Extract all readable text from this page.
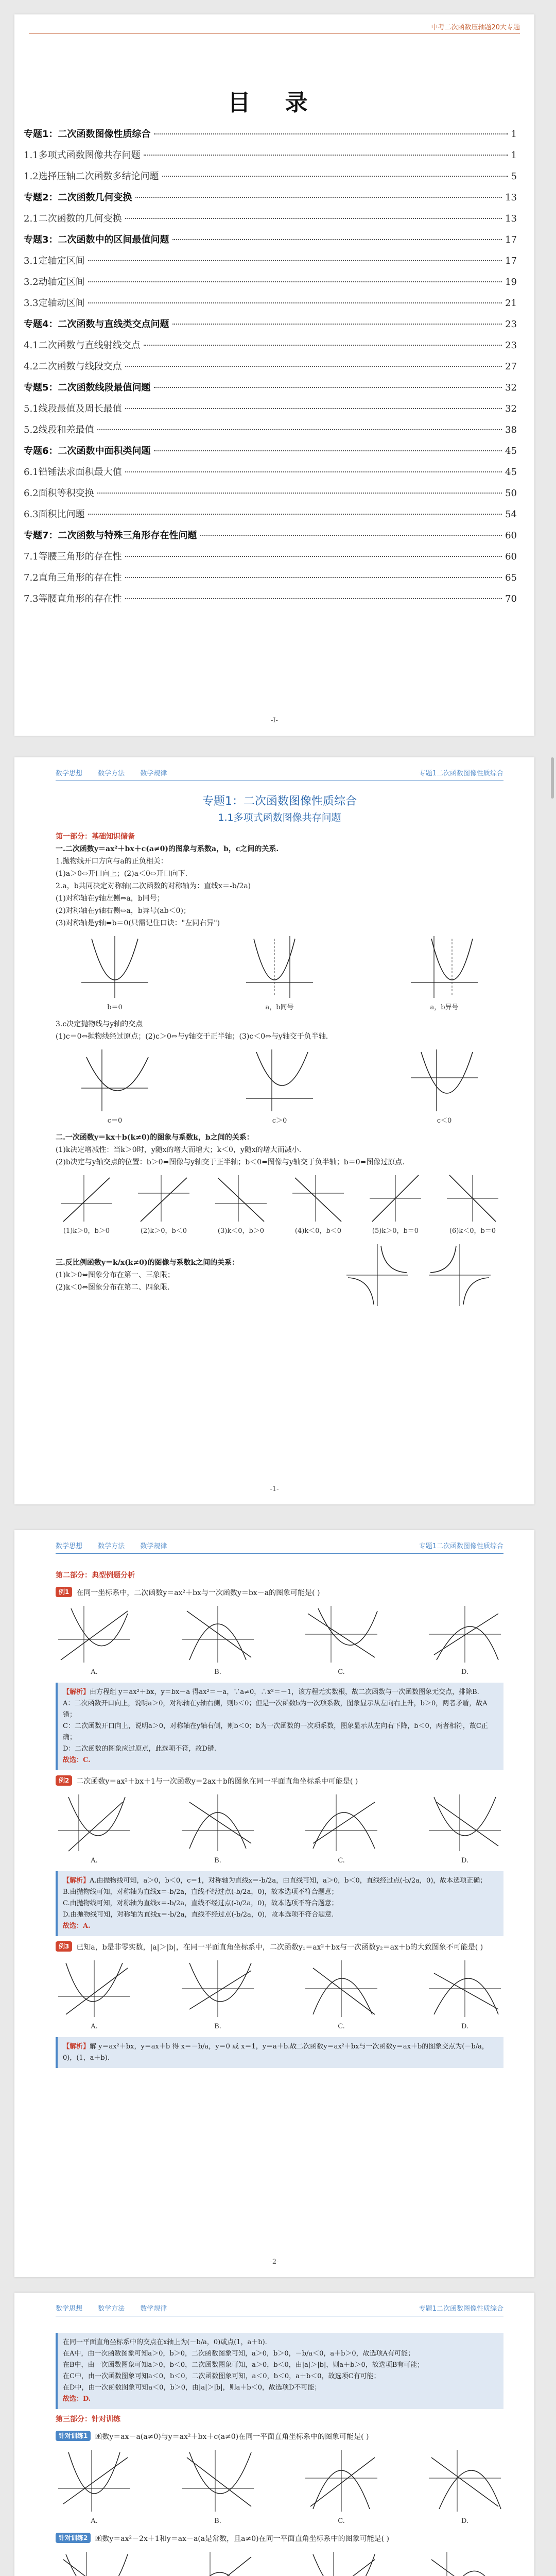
中考二次函数压轴题20大专题
目 录
专题1：二次函数图像性质综合	1
1.1多项式函数图像共存问题	1
1.2选择压轴二次函数多结论问题	5
专题2：二次函数几何变换	13
2.1二次函数的几何变换	13
专题3：二次函数中的区间最值问题	17
3.1定轴定区间	17
3.2动轴定区间	19
3.3定轴动区间	21
专题4：二次函数与直线类交点问题	23
4.1二次函数与直线射线交点	23
4.2二次函数与线段交点	27
专题5：二次函数线段最值问题	32
5.1线段最值及周长最值	32
5.2线段和差最值	38
专题6：二次函数中面积类问题	45
6.1铅锤法求面积最大值	45
6.2面积等积变换	50
6.3面积比问题	54
专题7：二次函数与特殊三角形存在性问题	60
7.1等腰三角形的存在性	60
7.2直角三角形的存在性	65
7.3等腰直角形的存在性	70
-I-
数学思想 数学方法 数学规律	专题1二次函数图像性质综合
专题1：二次函数图像性质综合
1.1多项式函数图像共存问题
第一部分：基础知识储备

一.二次函数y＝ax²＋bx＋c(a≠0)的图象与系数a，b，c之间的关系.

1.抛物线开口方向与a的正负相关：

(1)a＞0⇔开口向上；(2)a＜0⇔开口向下.

2.a，b共同决定对称轴(二次函数的对称轴为：直线x＝-b/2a)

(1)对称轴在y轴左侧⇔a，b同号；

(2)对称轴在y轴右侧⇔a，b异号(ab＜0)；

(3)对称轴是y轴⇔b＝0(只需记住口诀："左同右异")

b＝0	a，b同号	a，b异号

3.c决定抛物线与y轴的交点

(1)c＝0⇔抛物线经过原点；(2)c＞0⇔与y轴交于正半轴；(3)c＜0⇔与y轴交于负半轴.

c＝0	c＞0	c＜0

二.一次函数y＝kx＋b(k≠0)的图象与系数k，b之间的关系：

(1)k决定增减性：当k＞0时，y随x的增大而增大；k＜0，y随x的增大而减小.

(2)b决定与y轴交点的位置：b＞0⇔图像与y轴交于正半轴；b＜0⇔图像与y轴交于负半轴；b＝0⇔图像过原点.

(1)k＞0，b＞0	(2)k＞0，b＜0	(3)k＜0，b＞0	(4)k＜0，b＜0	(5)k＞0，b＝0	(6)k＜0，b＝0

三.反比例函数y＝k/x(k≠0)的图像与系数k之间的关系：

(1)k＞0⇔图象分布在第一、三象限；

(2)k＜0⇔图象分布在第二、四象限.

-1-
数学思想 数学方法 数学规律	专题1二次函数图像性质综合
第二部分：典型例题分析
例1	在同一坐标系中，二次函数y＝ax²＋bx与一次函数y＝bx－a的图象可能是( )
A.	B.	C.	D.
【解析】由方程组 y＝ax²＋bx，y＝bx－a 得ax²＝－a，∵a≠0，∴x²＝－1，该方程无实数根，故二次函数与一次函数图象无交点，排除B.
A：二次函数开口向上，说明a＞0，对称轴在y轴右侧，则b＜0；但是一次函数b为一次项系数，图象显示从左向右上升，b＞0，两者矛盾，故A错；
C：二次函数开口向上，说明a＞0，对称轴在y轴右侧，则b＜0；b为一次函数的一次项系数，图象显示从左向右下降，b＜0，两者相符，故C正确；
D：二次函数的图象应过原点，此选项不符，故D错.
故选：C.
例2	二次函数y＝ax²＋bx＋1与一次函数y＝2ax＋b的图象在同一平面直角坐标系中可能是( )
A.	B.	C.	D.
【解析】A.由抛物线可知，a＞0，b＜0，c＝1，对称轴为直线x＝-b/2a，由直线可知，a＞0，b＜0，直线经过点(-b/2a，0)，故本选项正确；
B.由抛物线可知，对称轴为直线x＝-b/2a，直线不经过点(-b/2a，0)，故本选项不符合题意；
C.由抛物线可知，对称轴为直线x＝-b/2a，直线不经过点(-b/2a，0)，故本选项不符合题意；
D.由抛物线可知，对称轴为直线x＝-b/2a，直线不经过点(-b/2a，0)，故本选项不符合题意.
故选：A.
例3	已知a，b是非零实数，|a|＞|b|，在同一平面直角坐标系中，二次函数y₁＝ax²＋bx与一次函数y₂＝ax＋b的大致图象不可能是( )
A.	B.	C.	D.
【解析】解 y＝ax²＋bx，y＝ax＋b 得 x＝－b/a，y＝0 或 x＝1，y＝a＋b.故二次函数y＝ax²＋bx与一次函数y＝ax＋b的图象交点为(－b/a，0)，(1，a＋b).
-2-
数学思想 数学方法 数学规律	专题1二次函数图像性质综合
在同一平面直角坐标系中的交点在x轴上为(－b/a，0)或点(1，a＋b).
在A中，由一次函数图象可知a＞0，b＞0，二次函数图象可知，a＞0，b＞0，－b/a＜0，a＋b＞0，故选项A有可能；
在B中，由一次函数图象可知a＞0，b＜0，二次函数图象可知，a＞0，b＜0，由|a|＞|b|，则a＋b＞0，故选项B有可能；
在C中，由一次函数图象可知a＜0，b＜0，二次函数图象可知，a＜0，b＜0，a＋b＜0，故选项C有可能；
在D中，由一次函数图象可知a＜0，b＞0，由|a|＞|b|，则a＋b＜0，故选项D不可能；
故选：D.
第三部分：针对训练
针对训练1	函数y＝ax－a(a≠0)与y＝ax²＋bx＋c(a≠0)在同一平面直角坐标系中的图象可能是( )
A.	B.	C.	D.
针对训练2	函数y＝ax²－2x＋1和y＝ax－a(a是常数，且a≠0)在同一平面直角坐标系中的图象可能是( )
